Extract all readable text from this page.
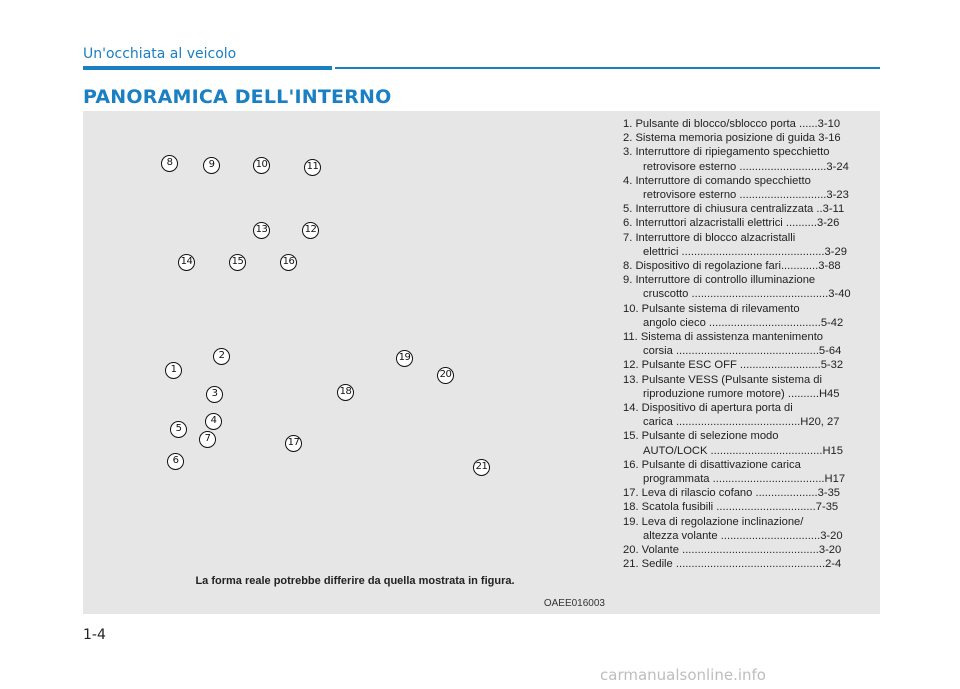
Un'occhiata al veicolo
PANORAMICA DELL'INTERNO
8	9	10	11
13	12
14	15	16
2
1
19
20
18
3
4
5
7	17
6
21
La forma reale potrebbe differire da quella mostrata in figura.
OAEE016003
1. Pulsante di blocco/sblocco porta ......3-10
2. Sistema memoria posizione di guida 3-16
3. Interruttore di ripiegamento specchietto
retrovisore esterno ............................3-24
4. Interruttore di comando specchietto
retrovisore esterno ............................3-23
5. Interruttore di chiusura centralizzata ..3-11
6. Interruttori alzacristalli elettrici ..........3-26
7. Interruttore di blocco alzacristalli
elettrici ..............................................3-29
8. Dispositivo di regolazione fari............3-88
9. Interruttore di controllo illuminazione
cruscotto ............................................3-40
10. Pulsante sistema di rilevamento
angolo cieco ....................................5-42
11. Sistema di assistenza mantenimento
corsia ..............................................5-64
12. Pulsante ESC OFF ..........................5-32
13. Pulsante VESS (Pulsante sistema di
riproduzione rumore motore) ..........H45
14. Dispositivo di apertura porta di
carica ........................................H20, 27
15. Pulsante di selezione modo
AUTO/LOCK ....................................H15
16. Pulsante di disattivazione carica
programmata ....................................H17
17. Leva di rilascio cofano ....................3-35
18. Scatola fusibili ................................7-35
19. Leva di regolazione inclinazione/
altezza volante ................................3-20
20. Volante ............................................3-20
21. Sedile ................................................2-4
1-4
carmanualsonline.info
